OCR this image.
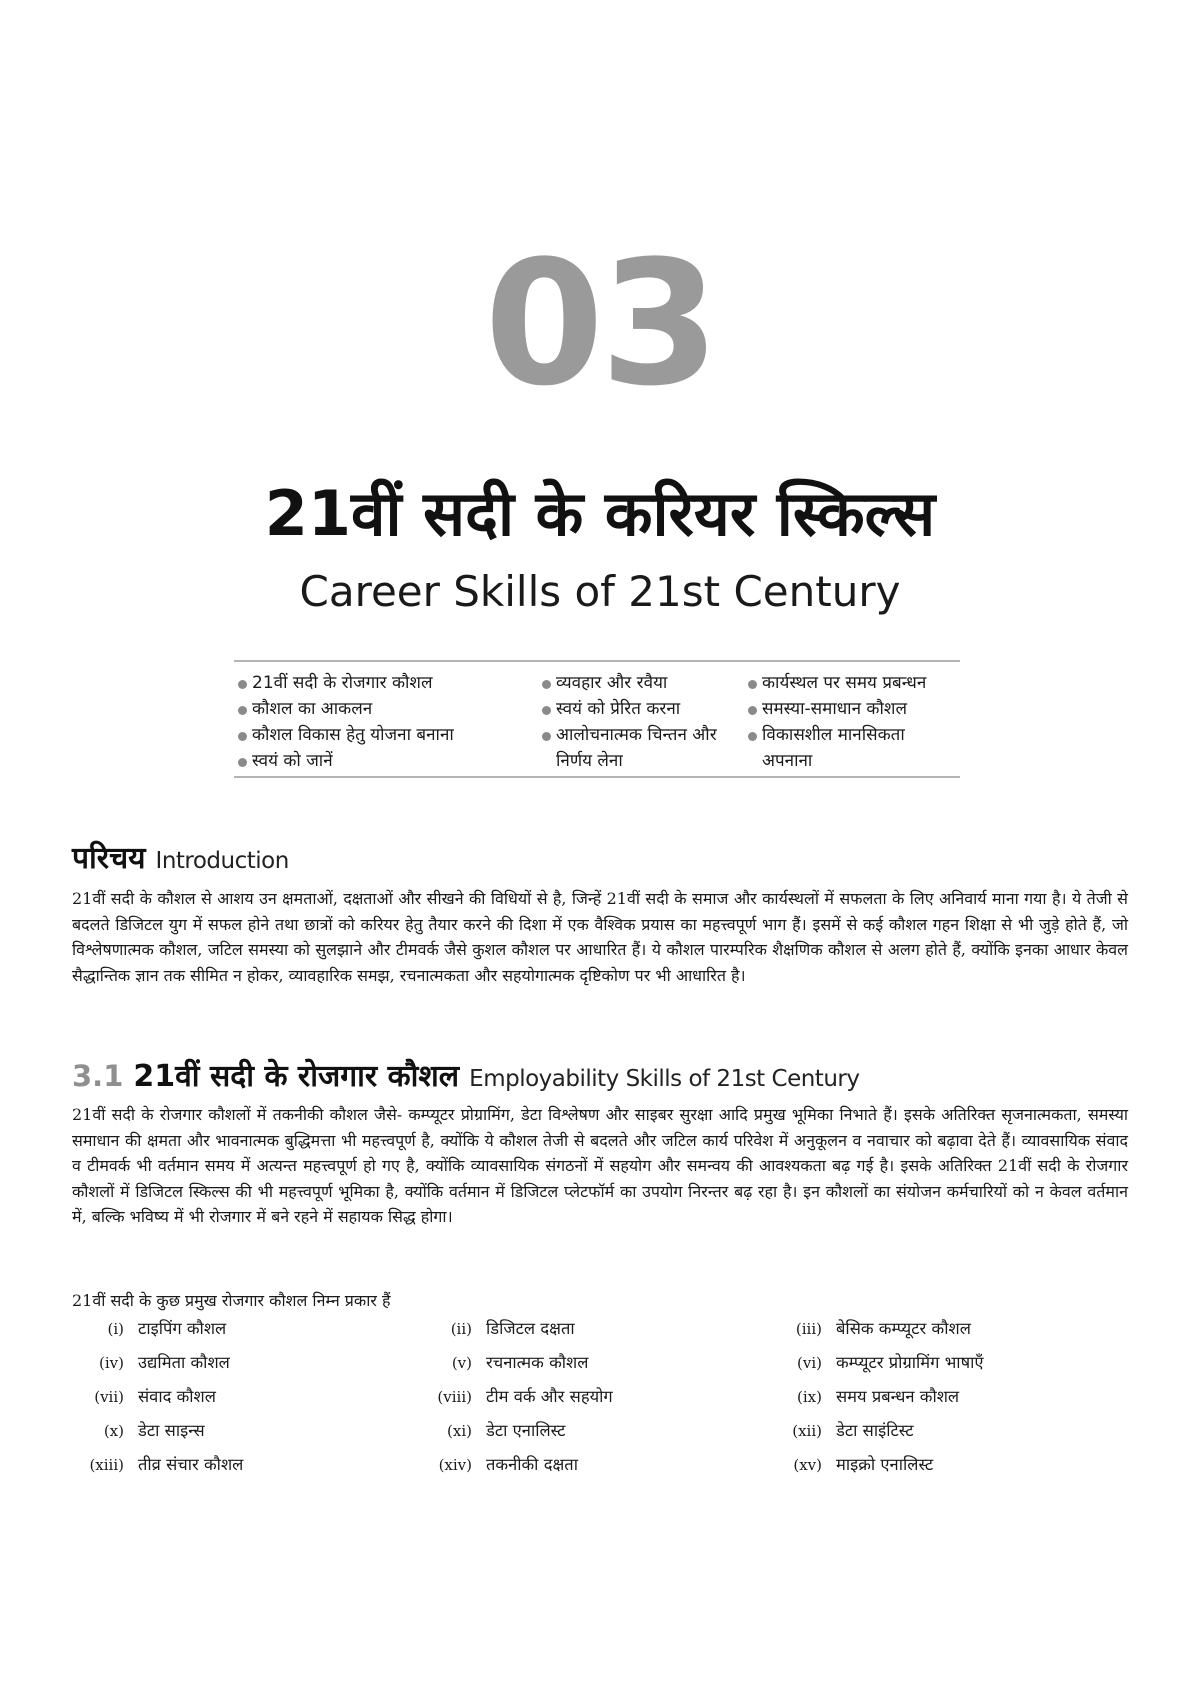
03
21वीं सदी के करियर स्किल्स
Career Skills of 21st Century
21वीं सदी के रोजगार कौशल
कौशल का आकलन
कौशल विकास हेतु योजना बनाना
स्वयं को जानें
व्यवहार और रवैया
स्वयं को प्रेरित करना
आलोचनात्मक चिन्तन और निर्णय लेना
कार्यस्थल पर समय प्रबन्धन
समस्या-समाधान कौशल
विकासशील मानसिकता अपनाना
परिचय Introduction

21वीं सदी के कौशल से आशय उन क्षमताओं, दक्षताओं और सीखने की विधियों से है, जिन्हें 21वीं सदी के समाज और कार्यस्थलों में सफलता के लिए अनिवार्य माना गया है। ये तेजी से बदलते डिजिटल युग में सफल होने तथा छात्रों को करियर हेतु तैयार करने की दिशा में एक वैश्विक प्रयास का महत्त्वपूर्ण भाग हैं। इसमें से कई कौशल गहन शिक्षा से भी जुड़े होते हैं, जो विश्लेषणात्मक कौशल, जटिल समस्या को सुलझाने और टीमवर्क जैसे कुशल कौशल पर आधारित हैं। ये कौशल पारम्परिक शैक्षणिक कौशल से अलग होते हैं, क्योंकि इनका आधार केवल सैद्धान्तिक ज्ञान तक सीमित न होकर, व्यावहारिक समझ, रचनात्मकता और सहयोगात्मक दृष्टिकोण पर भी आधारित है।

3.1 21वीं सदी के रोजगार कौशल Employability Skills of 21st Century

21वीं सदी के रोजगार कौशलों में तकनीकी कौशल जैसे- कम्प्यूटर प्रोग्रामिंग, डेटा विश्लेषण और साइबर सुरक्षा आदि प्रमुख भूमिका निभाते हैं। इसके अतिरिक्त सृजनात्मकता, समस्या समाधान की क्षमता और भावनात्मक बुद्धिमत्ता भी महत्त्वपूर्ण है, क्योंकि ये कौशल तेजी से बदलते और जटिल कार्य परिवेश में अनुकूलन व नवाचार को बढ़ावा देते हैं। व्यावसायिक संवाद व टीमवर्क भी वर्तमान समय में अत्यन्त महत्त्वपूर्ण हो गए है, क्योंकि व्यावसायिक संगठनों में सहयोग और समन्वय की आवश्यकता बढ़ गई है। इसके अतिरिक्त 21वीं सदी के रोजगार कौशलों में डिजिटल स्किल्स की भी महत्त्वपूर्ण भूमिका है, क्योंकि वर्तमान में डिजिटल प्लेटफॉर्म का उपयोग निरन्तर बढ़ रहा है। इन कौशलों का संयोजन कर्मचारियों को न केवल वर्तमान में, बल्कि भविष्य में भी रोजगार में बने रहने में सहायक सिद्ध होगा।

21वीं सदी के कुछ प्रमुख रोजगार कौशल निम्न प्रकार हैं

(i) टाइपिंग कौशल	(ii) डिजिटल दक्षता	(iii) बेसिक कम्प्यूटर कौशल
(iv) उद्यमिता कौशल	(v) रचनात्मक कौशल	(vi) कम्प्यूटर प्रोग्रामिंग भाषाएँ
(vii) संवाद कौशल	(viii) टीम वर्क और सहयोग	(ix) समय प्रबन्धन कौशल
(x) डेटा साइन्स	(xi) डेटा एनालिस्ट	(xii) डेटा साइंटिस्ट
(xiii) तीव्र संचार कौशल	(xiv) तकनीकी दक्षता	(xv) माइक्रो एनालिस्ट
